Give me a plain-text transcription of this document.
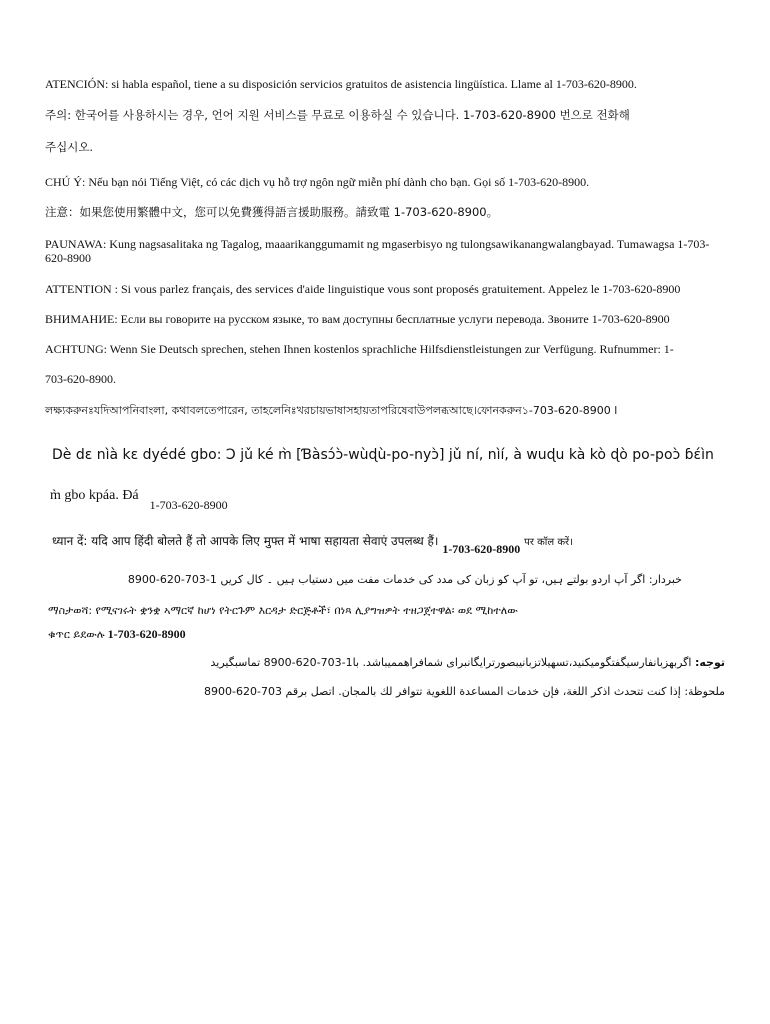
ATENCIÓN: si habla español, tiene a su disposición servicios gratuitos de asistencia lingüística. Llame al 1-703-620-8900.
주의: 한국어를 사용하시는 경우, 언어 지원 서비스를 무료로 이용하실 수 있습니다. 1-703-620-8900 번으로 전화해
주십시오.
CHÚ Ý: Nếu bạn nói Tiếng Việt, có các dịch vụ hỗ trợ ngôn ngữ miễn phí dành cho bạn. Gọi số 1-703-620-8900.
注意：如果您使用繁體中文，您可以免費獲得語言援助服務。請致電 1-703-620-8900。
PAUNAWA: Kung nagsasalitaka ng Tagalog, maaarikanggumamit ng mgaserbisyo ng tulongsawikanangwalangbayad. Tumawagsa 1-703-620-8900
ATTENTION : Si vous parlez français, des services d'aide linguistique vous sont proposés gratuitement. Appelez le 1-703-620-8900
ВНИМАНИЕ: Если вы говорите на русском языке, то вам доступны бесплатные услуги перевода. Звоните 1-703-620-8900
ACHTUNG: Wenn Sie Deutsch sprechen, stehen Ihnen kostenlos sprachliche Hilfsdienstleistungen zur Verfügung. Rufnummer: 1-
703-620-8900.
লক্ষ্যকরুনঃযদিআপনিবাংলা, কথাবলতেপারেন, তাহলেনিঃখরচায়ভাষাসহায়তাপরিষেবাউপলব্ধআছে।ফোনকরুন১-703-620-8900 l
Dè dɛ nìà kɛ dyédé gbo: Ɔ jǔ ké m̀ [Ɓàsɔ́ɔ̀-wùɖù-po-nyɔ̀] jǔ ní, nìí, à wuɖu kà kò ɖò po-poɔ̀ ɓɛ́ìn
m̀ gbo kpáa. Ɖá 1-703-620-8900
ध्यान दें: यदि आप हिंदी बोलते हैं तो आपके लिए मुफ्त में भाषा सहायता सेवाएं उपलब्ध हैं। 1-703-620-8900 पर कॉल करें।
خبردار: اگر آپ اردو بولتے ہیں، تو آپ کو زبان کی مدد کی خدمات مفت میں دستیاب ہیں ۔ کال کریں 1-703-620-8900
ማስታወሻ: የሚናገሩት ቋንቋ ኣማርኛ ከሆነ የትርጉም እርዳታ ድርጅቶች፣ በነጻ ሊያግዝዎት ተዘጋጀተዋል፡ ወደ ሚከተለው
ቁጥር ይደውሉ 1-703-620-8900
توجه: اگربهزبانفارسیگفتگومیکنید،تسهیلاتزبانیبصورترایگانبرای شمافراهممیباشد. با1-703-620-8900 تماسبگیرید
ملحوظة: إذا كنت تتحدث اذكر اللغة، فإن خدمات المساعدة اللغوية تتوافر لك بالمجان. اتصل برقم 703-620-8900
